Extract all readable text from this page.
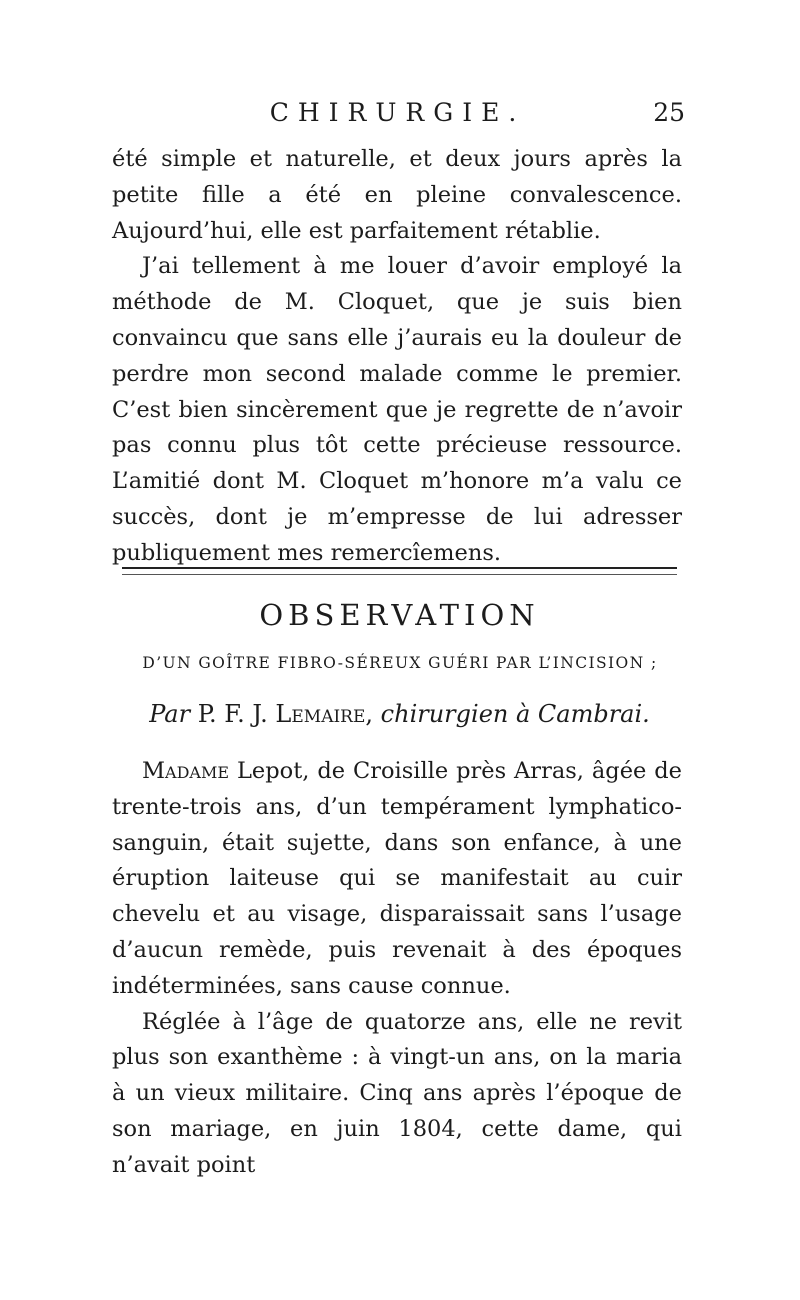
CHIRURGIE.	25

été simple et naturelle, et deux jours après la petite fille a été en pleine convalescence. Aujourd’hui, elle est parfaitement rétablie.

J’ai tellement à me louer d’avoir employé la méthode de M. Cloquet, que je suis bien convaincu que sans elle j’aurais eu la douleur de perdre mon second malade comme le premier. C’est bien sincèrement que je regrette de n’avoir pas connu plus tôt cette précieuse ressource. L’amitié dont M. Cloquet m’honore m’a valu ce succès, dont je m’empresse de lui adresser publiquement mes remercîemens.

OBSERVATION
D’UN GOÎTRE FIBRO-SÉREUX GUÉRI PAR L’INCISION ;
Par P. F. J. Lemaire, chirurgien à Cambrai.

Madame Lepot, de Croisille près Arras, âgée de trente-trois ans, d’un tempérament lymphatico-sanguin, était sujette, dans son enfance, à une éruption laiteuse qui se manifestait au cuir chevelu et au visage, disparaissait sans l’usage d’aucun remède, puis revenait à des époques indéterminées, sans cause connue.

Réglée à l’âge de quatorze ans, elle ne revit plus son exanthème : à vingt-un ans, on la maria à un vieux militaire. Cinq ans après l’époque de son mariage, en juin 1804, cette dame, qui n’avait point
